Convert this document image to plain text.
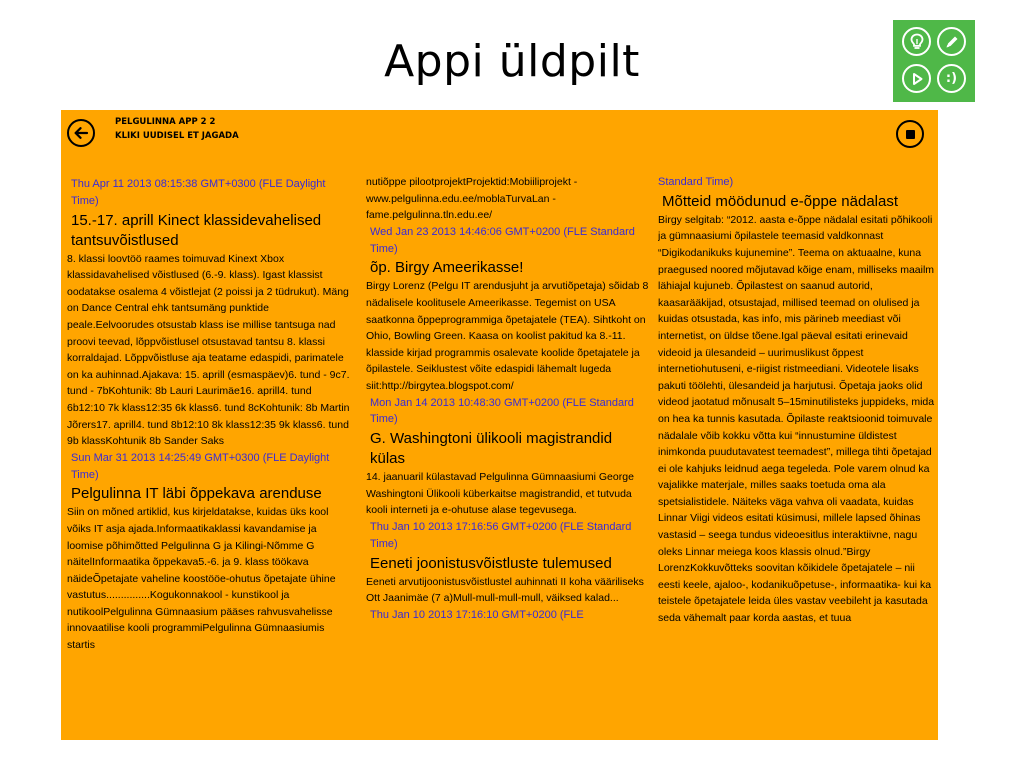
Appi üldpilt	:)
PELGULINNA APP 2 2
KLIKI UUDISEL ET JAGADA
Thu Apr 11 2013 08:15:38 GMT+0300 (FLE Daylight Time)
15.-17. aprill Kinect klassidevahelised tantsuvõistlused
8. klassi loovtöö raames toimuvad Kinext Xbox klassidavahelised võistlused (6.-9. klass). Igast klassist oodatakse osalema 4 võistlejat (2 poissi ja 2 tüdrukut). Mäng on Dance Central ehk tantsumäng punktide peale.Eelvoorudes otsustab klass ise millise tantsuga nad proovi teevad, lõppvõistlusel otsustavad tantsu 8. klassi korraldajad. Lõppvõistluse aja teatame edaspidi, parimatele on ka auhinnad.Ajakava: 15. aprill (esmaspäev)6. tund - 9c7. tund - 7bKohtunik: 8b Lauri Laurimäe16. aprill4. tund 6b12:10 7k klass12:35 6k klass6. tund 8cKohtunik: 8b Martin Jõrers17. aprill4. tund 8b12:10 8k klass12:35 9k klass6. tund 9b klassKohtunik 8b Sander Saks
Sun Mar 31 2013 14:25:49 GMT+0300 (FLE Daylight Time)
Pelgulinna IT läbi õppekava arenduse
Siin on mõned artiklid, kus kirjeldatakse, kuidas üks kool võiks IT asja ajada.Informaatikaklassi kavandamise ja loomise põhimõtted Pelgulinna G ja Kilingi-Nõmme G näitelInformaatika õppekava5.-6. ja 9. klass töökava näideÕpetajate vaheline koostööe-ohutus õpetajate ühine vastutus...............Kogukonnakool - kunstikool ja nutikoolPelgulinna Gümnaasium pääses rahvusvahelisse innovaatilise kooli programmiPelgulinna Gümnaasiumis startis
nutiõppe pilootprojektProjektid:Mobiiliprojekt - www.pelgulinna.edu.ee/moblaTurvaLan - fame.pelgulinna.tln.edu.ee/
Wed Jan 23 2013 14:46:06 GMT+0200 (FLE Standard Time)
õp. Birgy Ameerikasse!
Birgy Lorenz (Pelgu IT arendusjuht ja arvutiõpetaja) sõidab 8 nädalisele koolitusele Ameerikasse. Tegemist on USA saatkonna õppeprogrammiga õpetajatele (TEA). Sihtkoht on Ohio, Bowling Green. Kaasa on koolist pakitud ka 8.-11. klasside kirjad programmis osalevate koolide õpetajatele ja õpilastele. Seiklustest võite edaspidi lähemalt lugeda siit:http://birgytea.blogspot.com/
Mon Jan 14 2013 10:48:30 GMT+0200 (FLE Standard Time)
G. Washingtoni ülikooli magistrandid külas
14. jaanuaril külastavad Pelgulinna Gümnaasiumi George Washingtoni Ülikooli küberkaitse magistrandid, et tutvuda kooli interneti ja e-ohutuse alase tegevusega.
Thu Jan 10 2013 17:16:56 GMT+0200 (FLE Standard Time)
Eeneti joonistusvõistluste tulemused
Eeneti arvutijoonistusvõistlustel auhinnati II koha vääriliseks Ott Jaanimäe (7 a)Mull-mull-mull-mull, väiksed kalad...
Thu Jan 10 2013 17:16:10 GMT+0200 (FLE
Standard Time)
Mõtteid möödunud e-õppe nädalast
Birgy selgitab: “2012. aasta e-õppe nädalal esitati põhikooli ja gümnaasiumi õpilastele teemasid valdkonnast “Digikodanikuks kujunemine”. Teema on aktuaalne, kuna praegused noored mõjutavad kõige enam, milliseks maailm lähiajal kujuneb. Õpilastest on saanud autorid, kaasarääkijad, otsustajad, millised teemad on olulised ja kuidas otsustada, kas info, mis pärineb meediast või internetist, on üldse tõene.Igal päeval esitati erinevaid videoid ja ülesandeid – uurimuslikust õppest internetiohutuseni, e-riigist ristmeediani. Videotele lisaks pakuti töölehti, ülesandeid ja harjutusi. Õpetaja jaoks olid videod jaotatud mõnusalt 5–15minutilisteks juppideks, mida on hea ka tunnis kasutada. Õpilaste reaktsioonid toimuvale nädalale võib kokku võtta kui “innustumine üldistest inimkonda puudutavatest teemadest”, millega tihti õpetajad ei ole kahjuks leidnud aega tegeleda. Pole varem olnud ka vajalikke materjale, milles saaks toetuda oma ala spetsialistidele. Näiteks väga vahva oli vaadata, kuidas Linnar Viigi videos esitati küsimusi, millele lapsed õhinas vastasid – seega tundus videoesitlus interaktiivne, nagu oleks Linnar meiega koos klassis olnud.”Birgy LorenzKokkuvõtteks soovitan kõikidele õpetajatele – nii eesti keele, ajaloo-, kodanikuõpetuse-, informaatika- kui ka teistele õpetajatele leida üles vastav veebileht ja kasutada seda vähemalt paar korda aastas, et tuua
